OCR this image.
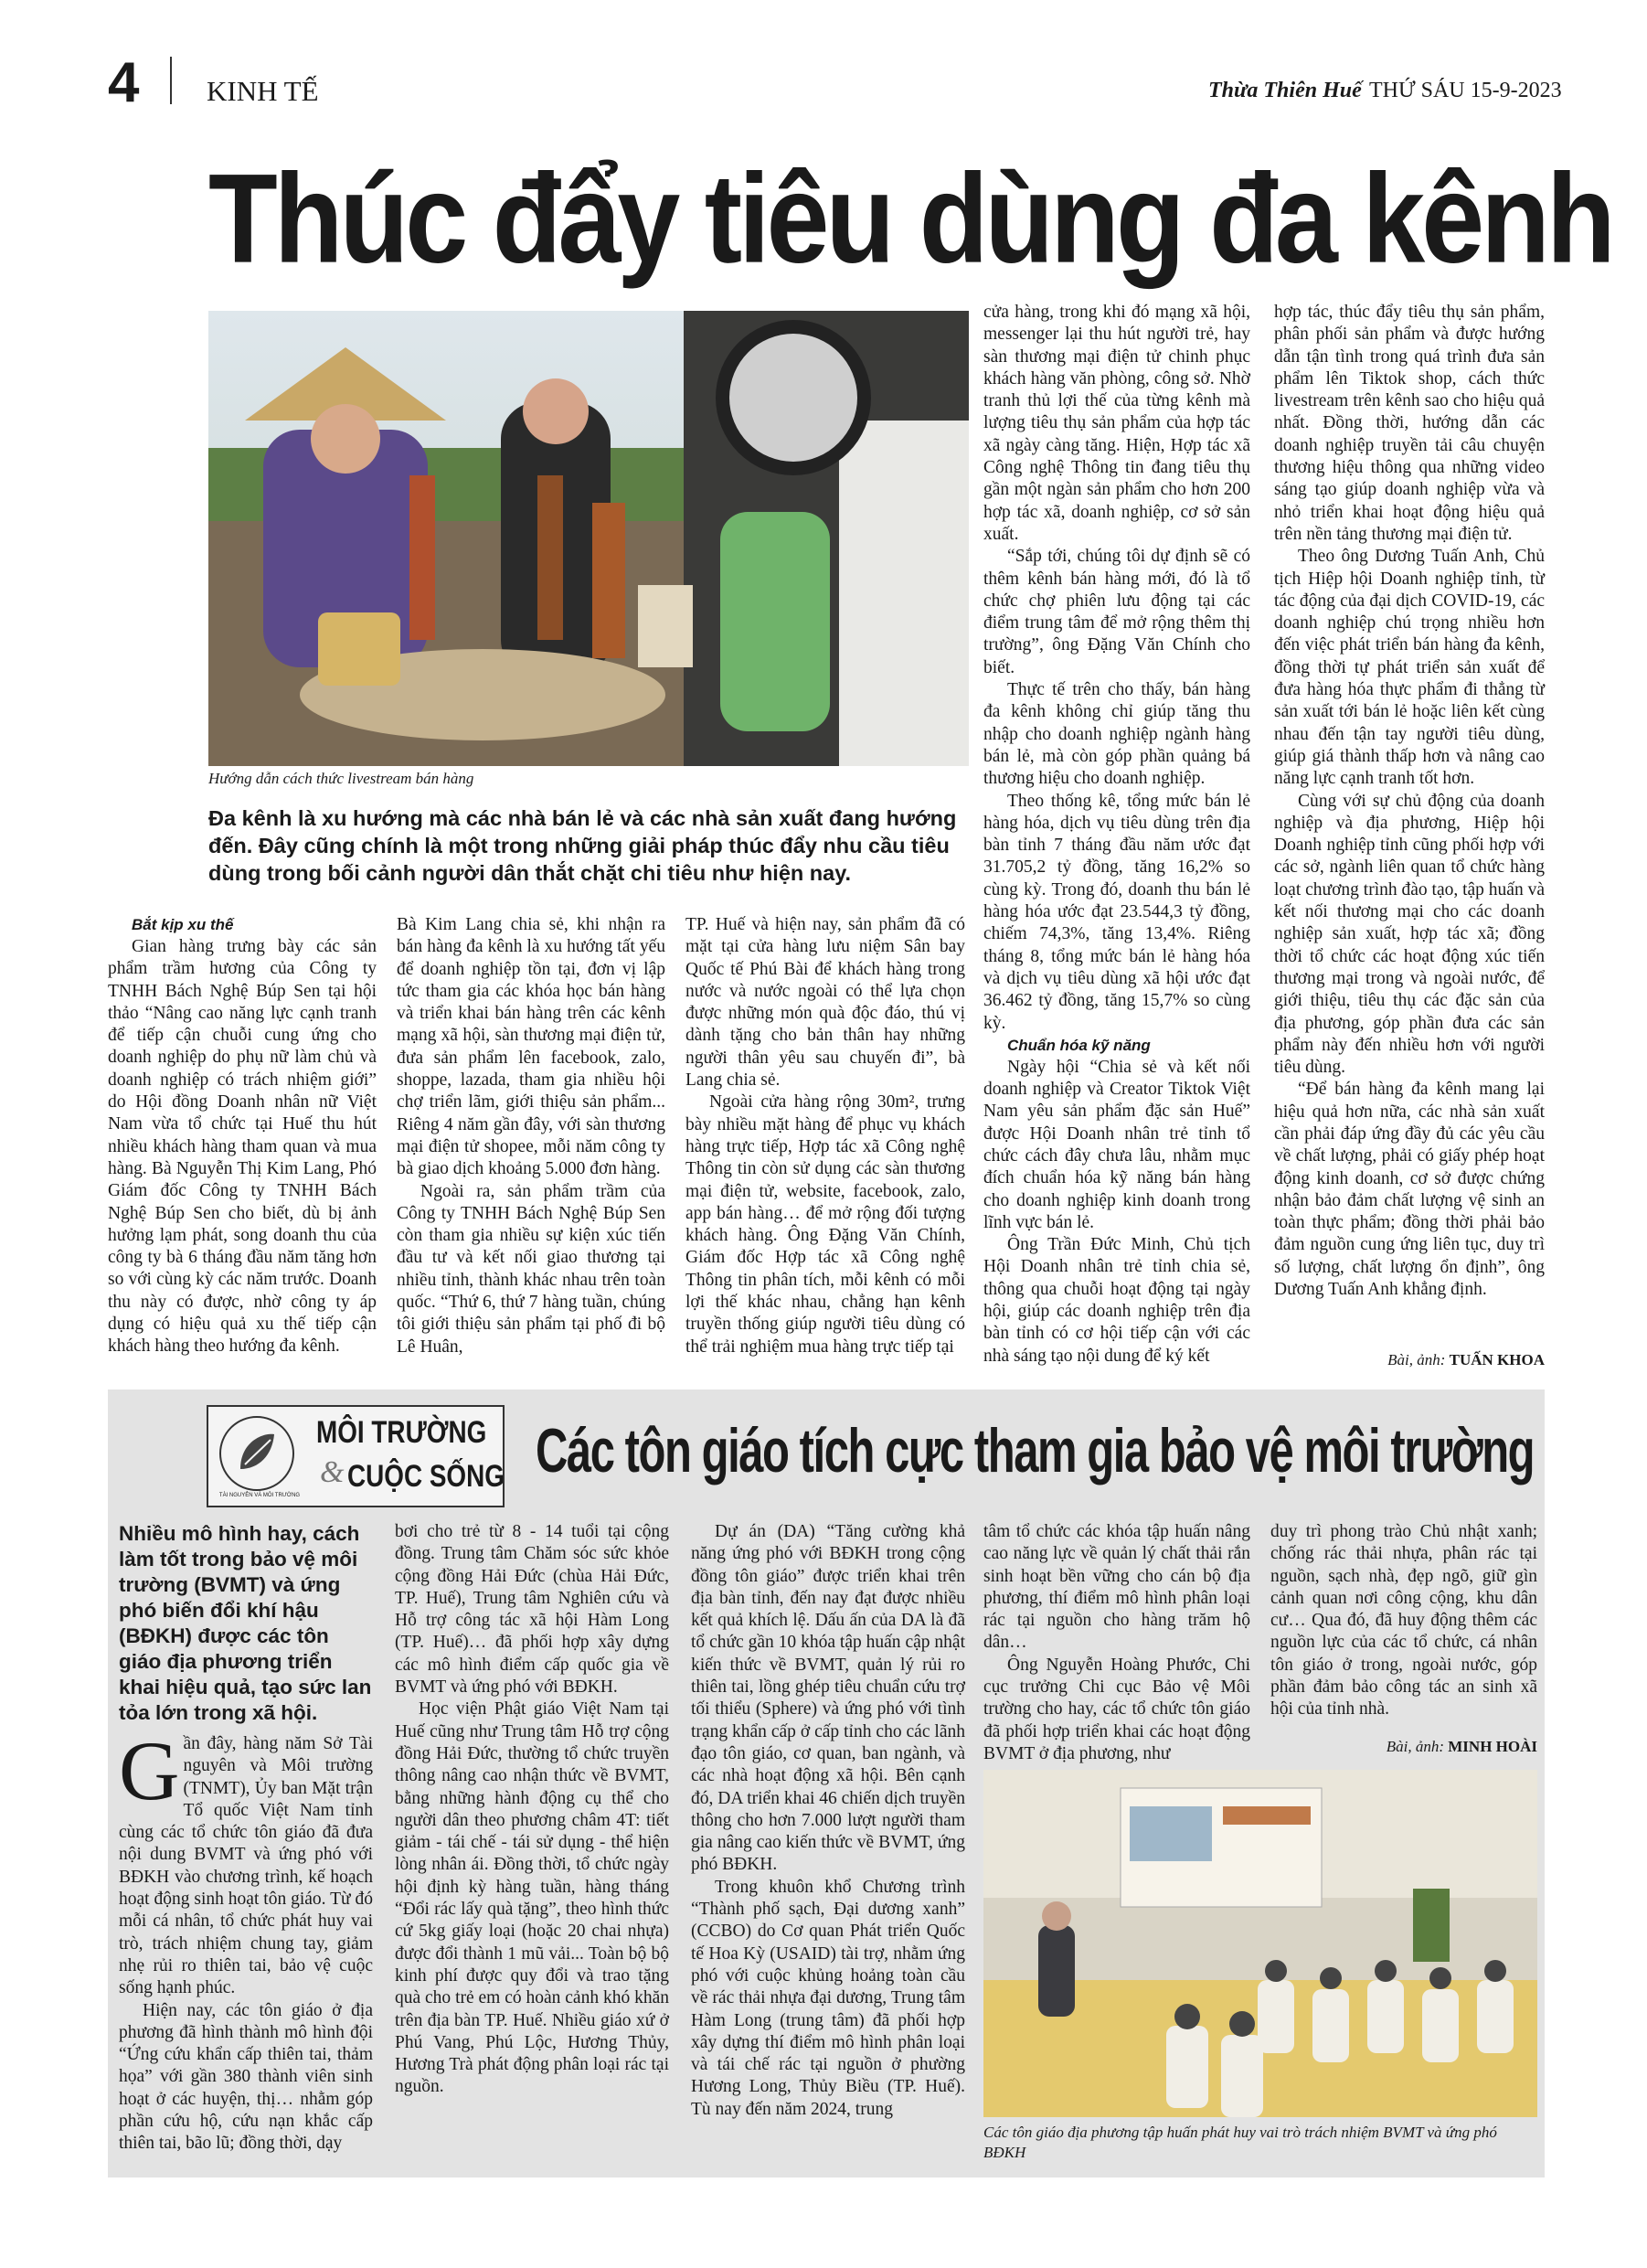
4 KINH TẾ	Thừa Thiên Huế THỨ SÁU 15-9-2023
Thúc đẩy tiêu dùng đa kênh
Hướng dẫn cách thức livestream bán hàng
Đa kênh là xu hướng mà các nhà bán lẻ và các nhà sản xuất đang hướng đến. Đây cũng chính là một trong những giải pháp thúc đẩy nhu cầu tiêu dùng trong bối cảnh người dân thắt chặt chi tiêu như hiện nay.

Bắt kịp xu thế

Gian hàng trưng bày các sản phẩm trầm hương của Công ty TNHH Bách Nghệ Búp Sen tại hội thảo “Nâng cao năng lực cạnh tranh để tiếp cận chuỗi cung ứng cho doanh nghiệp do phụ nữ làm chủ và doanh nghiệp có trách nhiệm giới” do Hội đồng Doanh nhân nữ Việt Nam vừa tổ chức tại Huế thu hút nhiều khách hàng tham quan và mua hàng. Bà Nguyễn Thị Kim Lang, Phó Giám đốc Công ty TNHH Bách Nghệ Búp Sen cho biết, dù bị ảnh hưởng lạm phát, song doanh thu của công ty bà 6 tháng đầu năm tăng hơn so với cùng kỳ các năm trước. Doanh thu này có được, nhờ công ty áp dụng có hiệu quả xu thế tiếp cận khách hàng theo hướng đa kênh.

Bà Kim Lang chia sẻ, khi nhận ra bán hàng đa kênh là xu hướng tất yếu để doanh nghiệp tồn tại, đơn vị lập tức tham gia các khóa học bán hàng và triển khai bán hàng trên các kênh mạng xã hội, sàn thương mại điện tử, đưa sản phẩm lên facebook, zalo, shoppe, lazada, tham gia nhiều hội chợ triển lãm, giới thiệu sản phẩm... Riêng 4 năm gần đây, với sàn thương mại điện tử shopee, mỗi năm công ty bà giao dịch khoảng 5.000 đơn hàng.

Ngoài ra, sản phẩm trầm của Công ty TNHH Bách Nghệ Búp Sen còn tham gia nhiều sự kiện xúc tiến đầu tư và kết nối giao thương tại nhiều tỉnh, thành khác nhau trên toàn quốc. “Thứ 6, thứ 7 hàng tuần, chúng tôi giới thiệu sản phẩm tại phố đi bộ Lê Huân,

TP. Huế và hiện nay, sản phẩm đã có mặt tại cửa hàng lưu niệm Sân bay Quốc tế Phú Bài để khách hàng trong nước và nước ngoài có thể lựa chọn được những món quà độc đáo, thú vị dành tặng cho bản thân hay những người thân yêu sau chuyến đi”, bà Lang chia sẻ.

Ngoài cửa hàng rộng 30m², trưng bày nhiều mặt hàng để phục vụ khách hàng trực tiếp, Hợp tác xã Công nghệ Thông tin còn sử dụng các sàn thương mại điện tử, website, facebook, zalo, app bán hàng… để mở rộng đối tượng khách hàng. Ông Đặng Văn Chính, Giám đốc Hợp tác xã Công nghệ Thông tin phân tích, mỗi kênh có mỗi lợi thế khác nhau, chẳng hạn kênh truyền thống giúp người tiêu dùng có thể trải nghiệm mua hàng trực tiếp tại

cửa hàng, trong khi đó mạng xã hội, messenger lại thu hút người trẻ, hay sàn thương mại điện tử chinh phục khách hàng văn phòng, công sở. Nhờ tranh thủ lợi thế của từng kênh mà lượng tiêu thụ sản phẩm của hợp tác xã ngày càng tăng. Hiện, Hợp tác xã Công nghệ Thông tin đang tiêu thụ gần một ngàn sản phẩm cho hơn 200 hợp tác xã, doanh nghiệp, cơ sở sản xuất.

“Sắp tới, chúng tôi dự định sẽ có thêm kênh bán hàng mới, đó là tổ chức chợ phiên lưu động tại các điểm trung tâm để mở rộng thêm thị trường”, ông Đặng Văn Chính cho biết.

Thực tế trên cho thấy, bán hàng đa kênh không chỉ giúp tăng thu nhập cho doanh nghiệp ngành hàng bán lẻ, mà còn góp phần quảng bá thương hiệu cho doanh nghiệp.

Theo thống kê, tổng mức bán lẻ hàng hóa, dịch vụ tiêu dùng trên địa bàn tỉnh 7 tháng đầu năm ước đạt 31.705,2 tỷ đồng, tăng 16,2% so cùng kỳ. Trong đó, doanh thu bán lẻ hàng hóa ước đạt 23.544,3 tỷ đồng, chiếm 74,3%, tăng 13,4%. Riêng tháng 8, tổng mức bán lẻ hàng hóa và dịch vụ tiêu dùng xã hội ước đạt 36.462 tỷ đồng, tăng 15,7% so cùng kỳ.

Chuẩn hóa kỹ năng

Ngày hội “Chia sẻ và kết nối doanh nghiệp và Creator Tiktok Việt Nam yêu sản phẩm đặc sản Huế” được Hội Doanh nhân trẻ tỉnh tổ chức cách đây chưa lâu, nhằm mục đích chuẩn hóa kỹ năng bán hàng cho doanh nghiệp kinh doanh trong lĩnh vực bán lẻ.

Ông Trần Đức Minh, Chủ tịch Hội Doanh nhân trẻ tỉnh chia sẻ, thông qua chuỗi hoạt động tại ngày hội, giúp các doanh nghiệp trên địa bàn tỉnh có cơ hội tiếp cận với các nhà sáng tạo nội dung để ký kết

hợp tác, thúc đẩy tiêu thụ sản phẩm, phân phối sản phẩm và được hướng dẫn tận tình trong quá trình đưa sản phẩm lên Tiktok shop, cách thức livestream trên kênh sao cho hiệu quả nhất. Đồng thời, hướng dẫn các doanh nghiệp truyền tải câu chuyện thương hiệu thông qua những video sáng tạo giúp doanh nghiệp vừa và nhỏ triển khai hoạt động hiệu quả trên nền tảng thương mại điện tử.

Theo ông Dương Tuấn Anh, Chủ tịch Hiệp hội Doanh nghiệp tỉnh, từ tác động của đại dịch COVID-19, các doanh nghiệp chú trọng nhiều hơn đến việc phát triển bán hàng đa kênh, đồng thời tự phát triển sản xuất để đưa hàng hóa thực phẩm đi thẳng từ sản xuất tới bán lẻ hoặc liên kết cùng nhau đến tận tay người tiêu dùng, giúp giá thành thấp hơn và nâng cao năng lực cạnh tranh tốt hơn.

Cùng với sự chủ động của doanh nghiệp và địa phương, Hiệp hội Doanh nghiệp tỉnh cũng phối hợp với các sở, ngành liên quan tổ chức hàng loạt chương trình đào tạo, tập huấn và kết nối thương mại cho các doanh nghiệp sản xuất, hợp tác xã; đồng thời tổ chức các hoạt động xúc tiến thương mại trong và ngoài nước, để giới thiệu, tiêu thụ các đặc sản của địa phương, góp phần đưa các sản phẩm này đến nhiều hơn với người tiêu dùng.

“Để bán hàng đa kênh mang lại hiệu quả hơn nữa, các nhà sản xuất cần phải đáp ứng đầy đủ các yêu cầu về chất lượng, phải có giấy phép hoạt động kinh doanh, cơ sở được chứng nhận bảo đảm chất lượng vệ sinh an toàn thực phẩm; đồng thời phải bảo đảm nguồn cung ứng liên tục, duy trì số lượng, chất lượng ổn định”, ông Dương Tuấn Anh khẳng định.

Bài, ảnh: TUẤN KHOA
TÀI NGUYÊN VÀ MÔI TRƯỜNG
MÔI TRƯỜNG
& CUỘC SỐNG Các tôn giáo tích cực tham gia bảo vệ môi trường
Nhiều mô hình hay, cách làm tốt trong bảo vệ môi trường (BVMT) và ứng phó biến đổi khí hậu (BĐKH) được các tôn giáo địa phương triển khai hiệu quả, tạo sức lan tỏa lớn trong xã hội.

Gần đây, hàng năm Sở Tài nguyên và Môi trường (TNMT), Ủy ban Mặt trận Tổ quốc Việt Nam tỉnh cùng các tổ chức tôn giáo đã đưa nội dung BVMT và ứng phó với BĐKH vào chương trình, kế hoạch hoạt động sinh hoạt tôn giáo. Từ đó mỗi cá nhân, tổ chức phát huy vai trò, trách nhiệm chung tay, giảm nhẹ rủi ro thiên tai, bảo vệ cuộc sống hạnh phúc.

Hiện nay, các tôn giáo ở địa phương đã hình thành mô hình đội “Ứng cứu khẩn cấp thiên tai, thảm họa” với gần 380 thành viên sinh hoạt ở các huyện, thị… nhằm góp phần cứu hộ, cứu nạn khắc cấp thiên tai, bão lũ; đồng thời, dạy

bơi cho trẻ từ 8 - 14 tuổi tại cộng đồng. Trung tâm Chăm sóc sức khỏe cộng đồng Hải Đức (chùa Hải Đức, TP. Huế), Trung tâm Nghiên cứu và Hỗ trợ công tác xã hội Hàm Long (TP. Huế)… đã phối hợp xây dựng các mô hình điểm cấp quốc gia về BVMT và ứng phó với BĐKH.

Học viện Phật giáo Việt Nam tại Huế cũng như Trung tâm Hỗ trợ cộng đồng Hải Đức, thường tổ chức truyền thông nâng cao nhận thức về BVMT, bằng những hành động cụ thể cho người dân theo phương châm 4T: tiết giảm - tái chế - tái sử dụng - thể hiện lòng nhân ái. Đồng thời, tổ chức ngày hội định kỳ hàng tuần, hàng tháng “Đổi rác lấy quà tặng”, theo hình thức cứ 5kg giấy loại (hoặc 20 chai nhựa) được đổi thành 1 mũ vải... Toàn bộ bộ kinh phí được quy đổi và trao tặng quà cho trẻ em có hoàn cảnh khó khăn trên địa bàn TP. Huế. Nhiều giáo xứ ở Phú Vang, Phú Lộc, Hương Thủy, Hương Trà phát động phân loại rác tại nguồn.

Dự án (DA) “Tăng cường khả năng ứng phó với BĐKH trong cộng đồng tôn giáo” được triển khai trên địa bàn tỉnh, đến nay đạt được nhiều kết quả khích lệ. Dấu ấn của DA là đã tổ chức gần 10 khóa tập huấn cập nhật kiến thức về BVMT, quản lý rủi ro thiên tai, lồng ghép tiêu chuẩn cứu trợ tối thiểu (Sphere) và ứng phó với tình trạng khẩn cấp ở cấp tỉnh cho các lãnh đạo tôn giáo, cơ quan, ban ngành, và các nhà hoạt động xã hội. Bên cạnh đó, DA triển khai 46 chiến dịch truyền thông cho hơn 7.000 lượt người tham gia nâng cao kiến thức về BVMT, ứng phó BĐKH.

Trong khuôn khổ Chương trình “Thành phố sạch, Đại dương xanh” (CCBO) do Cơ quan Phát triển Quốc tế Hoa Kỳ (USAID) tài trợ, nhằm ứng phó với cuộc khủng hoảng toàn cầu về rác thải nhựa đại dương, Trung tâm Hàm Long (trung tâm) đã phối hợp xây dựng thí điểm mô hình phân loại và tái chế rác tại nguồn ở phường Hương Long, Thủy Biều (TP. Huế). Tù nay đến năm 2024, trung

tâm tổ chức các khóa tập huấn nâng cao năng lực về quản lý chất thải rắn sinh hoạt bền vững cho cán bộ địa phương, thí điểm mô hình phân loại rác tại nguồn cho hàng trăm hộ dân…

Ông Nguyễn Hoàng Phước, Chi cục trưởng Chi cục Bảo vệ Môi trường cho hay, các tổ chức tôn giáo đã phối hợp triển khai các hoạt động BVMT ở địa phương, như

duy trì phong trào Chủ nhật xanh; chống rác thải nhựa, phân rác tại nguồn, sạch nhà, đẹp ngõ, giữ gìn cảnh quan nơi công cộng, khu dân cư… Qua đó, đã huy động thêm các nguồn lực của các tổ chức, cá nhân tôn giáo ở trong, ngoài nước, góp phần đảm bảo công tác an sinh xã hội của tỉnh nhà.

Bài, ảnh: MINH HOÀI
Các tôn giáo địa phương tập huấn phát huy vai trò trách nhiệm BVMT và ứng phó BĐKH
